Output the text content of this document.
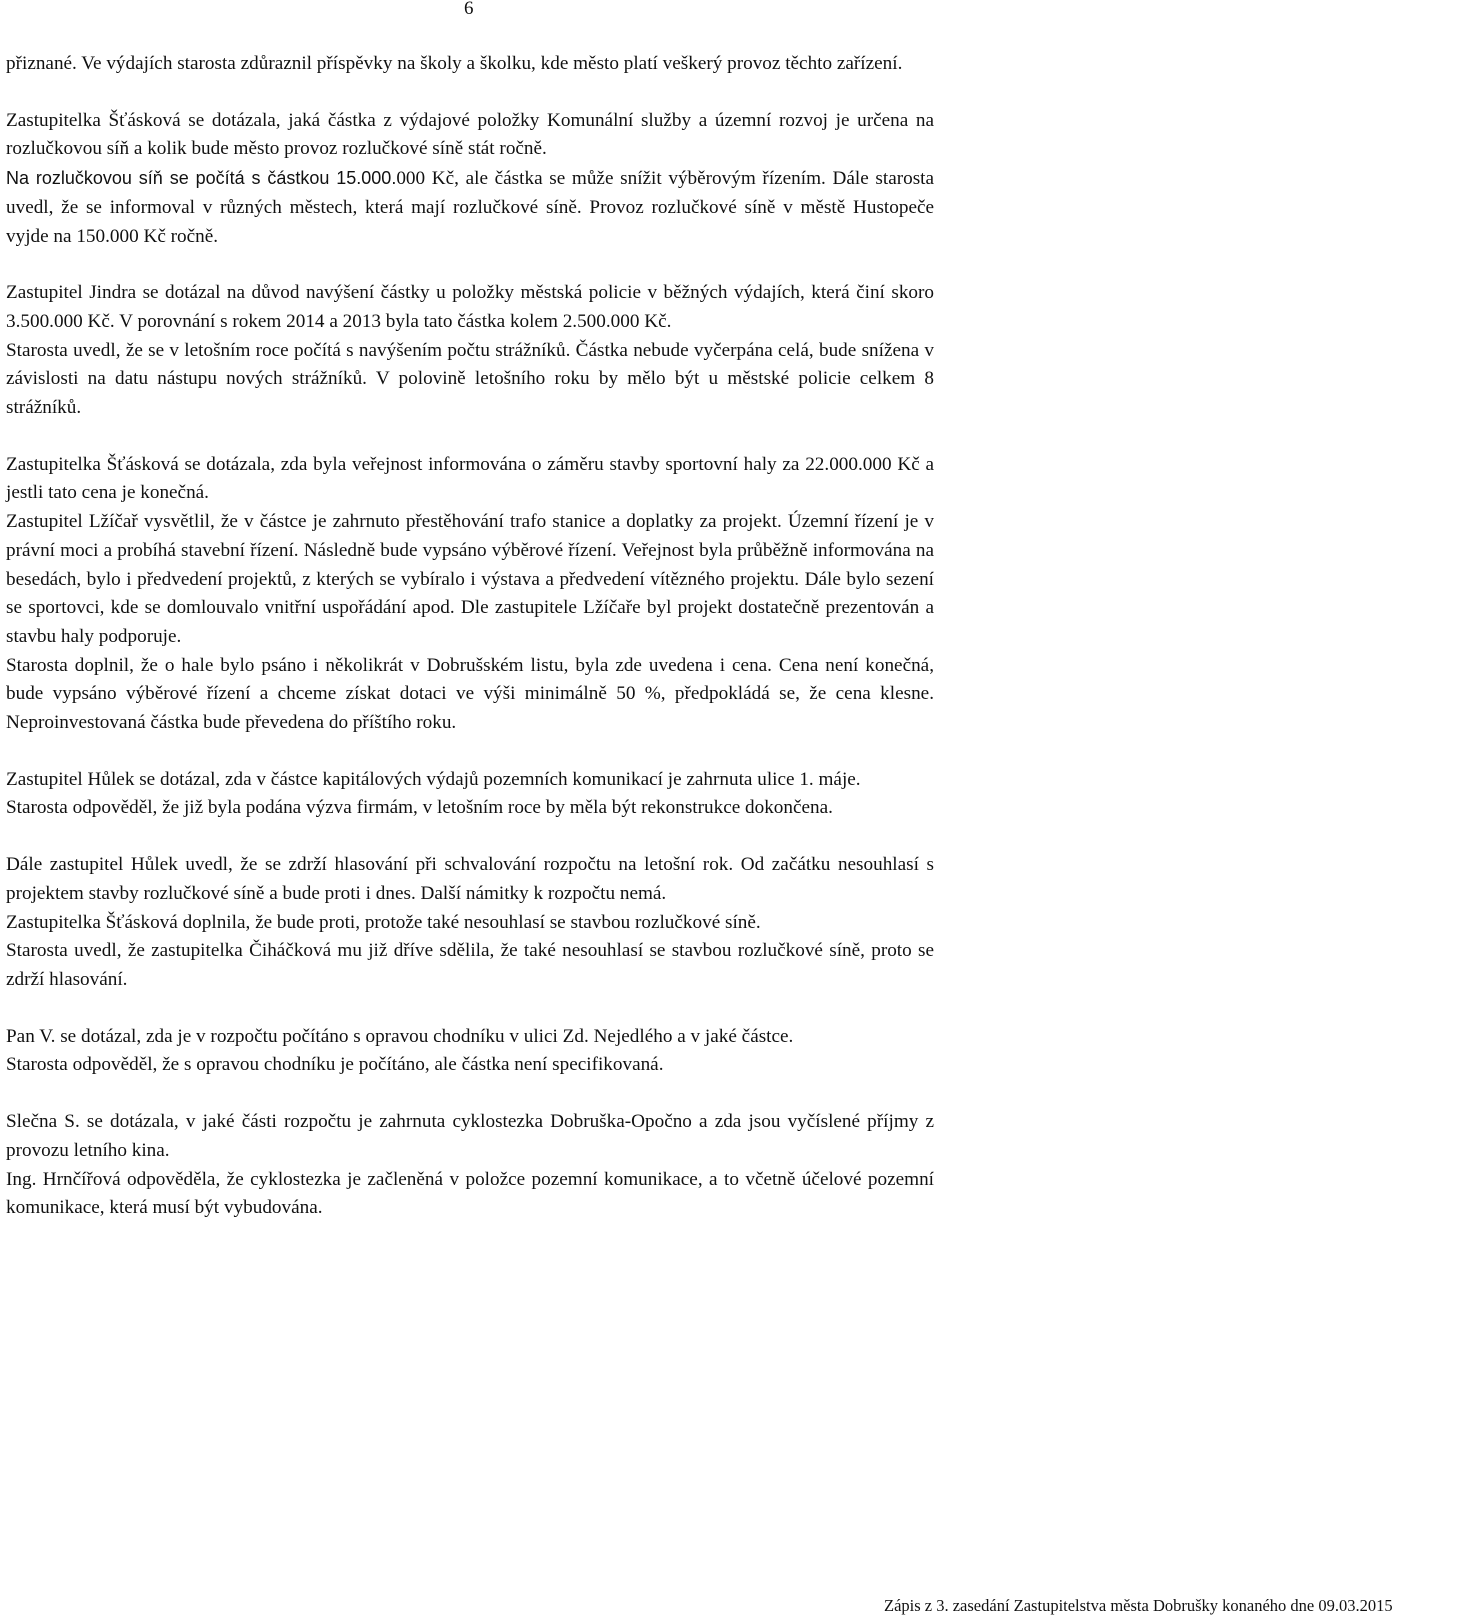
6

přiznané. Ve výdajích starosta zdůraznil příspěvky na školy a školku, kde město platí veškerý provoz těchto zařízení.

Zastupitelka Šťásková se dotázala, jaká částka z výdajové položky Komunální služby a územní rozvoj je určena na rozlučkovou síň a kolik bude město provoz rozlučkové síně stát ročně.

Na rozlučkovou síň se počítá s částkou 15.000.000 Kč, ale částka se může snížit výběrovým řízením. Dále starosta uvedl, že se informoval v různých městech, která mají rozlučkové síně. Provoz rozlučkové síně v městě Hustopeče vyjde na 150.000 Kč ročně.

Zastupitel Jindra se dotázal na důvod navýšení částky u položky městská policie v běžných výdajích, která činí skoro 3.500.000 Kč. V porovnání s rokem 2014 a 2013 byla tato částka kolem 2.500.000 Kč.

Starosta uvedl, že se v letošním roce počítá s navýšením počtu strážníků. Částka nebude vyčerpána celá, bude snížena v závislosti na datu nástupu nových strážníků. V polovině letošního roku by mělo být u městské policie celkem 8 strážníků.

Zastupitelka Šťásková se dotázala, zda byla veřejnost informována o záměru stavby sportovní haly za 22.000.000 Kč a jestli tato cena je konečná.

Zastupitel Lžíčař vysvětlil, že v částce je zahrnuto přestěhování trafo stanice a doplatky za projekt. Územní řízení je v právní moci a probíhá stavební řízení. Následně bude vypsáno výběrové řízení. Veřejnost byla průběžně informována na besedách, bylo i předvedení projektů, z kterých se vybíralo i výstava a předvedení vítězného projektu. Dále bylo sezení se sportovci, kde se domlouvalo vnitřní uspořádání apod. Dle zastupitele Lžíčaře byl projekt dostatečně prezentován a stavbu haly podporuje.

Starosta doplnil, že o hale bylo psáno i několikrát v Dobrušském listu, byla zde uvedena i cena. Cena není konečná, bude vypsáno výběrové řízení a chceme získat dotaci ve výši minimálně 50 %, předpokládá se, že cena klesne. Neproinvestovaná částka bude převedena do příštího roku.

Zastupitel Hůlek se dotázal, zda v částce kapitálových výdajů pozemních komunikací je zahrnuta ulice 1. máje.

Starosta odpověděl, že již byla podána výzva firmám, v letošním roce by měla být rekonstrukce dokončena.

Dále zastupitel Hůlek uvedl, že se zdrží hlasování při schvalování rozpočtu na letošní rok. Od začátku nesouhlasí s projektem stavby rozlučkové síně a bude proti i dnes. Další námitky k rozpočtu nemá.

Zastupitelka Šťásková doplnila, že bude proti, protože také nesouhlasí se stavbou rozlučkové síně.

Starosta uvedl, že zastupitelka Čiháčková mu již dříve sdělila, že také nesouhlasí se stavbou rozlučkové síně, proto se zdrží hlasování.

Pan V. se dotázal, zda je v rozpočtu počítáno s opravou chodníku v ulici Zd. Nejedlého a v jaké částce.

Starosta odpověděl, že s opravou chodníku je počítáno, ale částka není specifikovaná.

Slečna S. se dotázala, v jaké části rozpočtu je zahrnuta cyklostezka Dobruška-Opočno a zda jsou vyčíslené příjmy z provozu letního kina.

Ing. Hrnčířová odpověděla, že cyklostezka je začleněná v položce pozemní komunikace, a to včetně účelové pozemní komunikace, která musí být vybudována.

Zápis z 3. zasedání Zastupitelstva města Dobrušky konaného dne 09.03.2015
